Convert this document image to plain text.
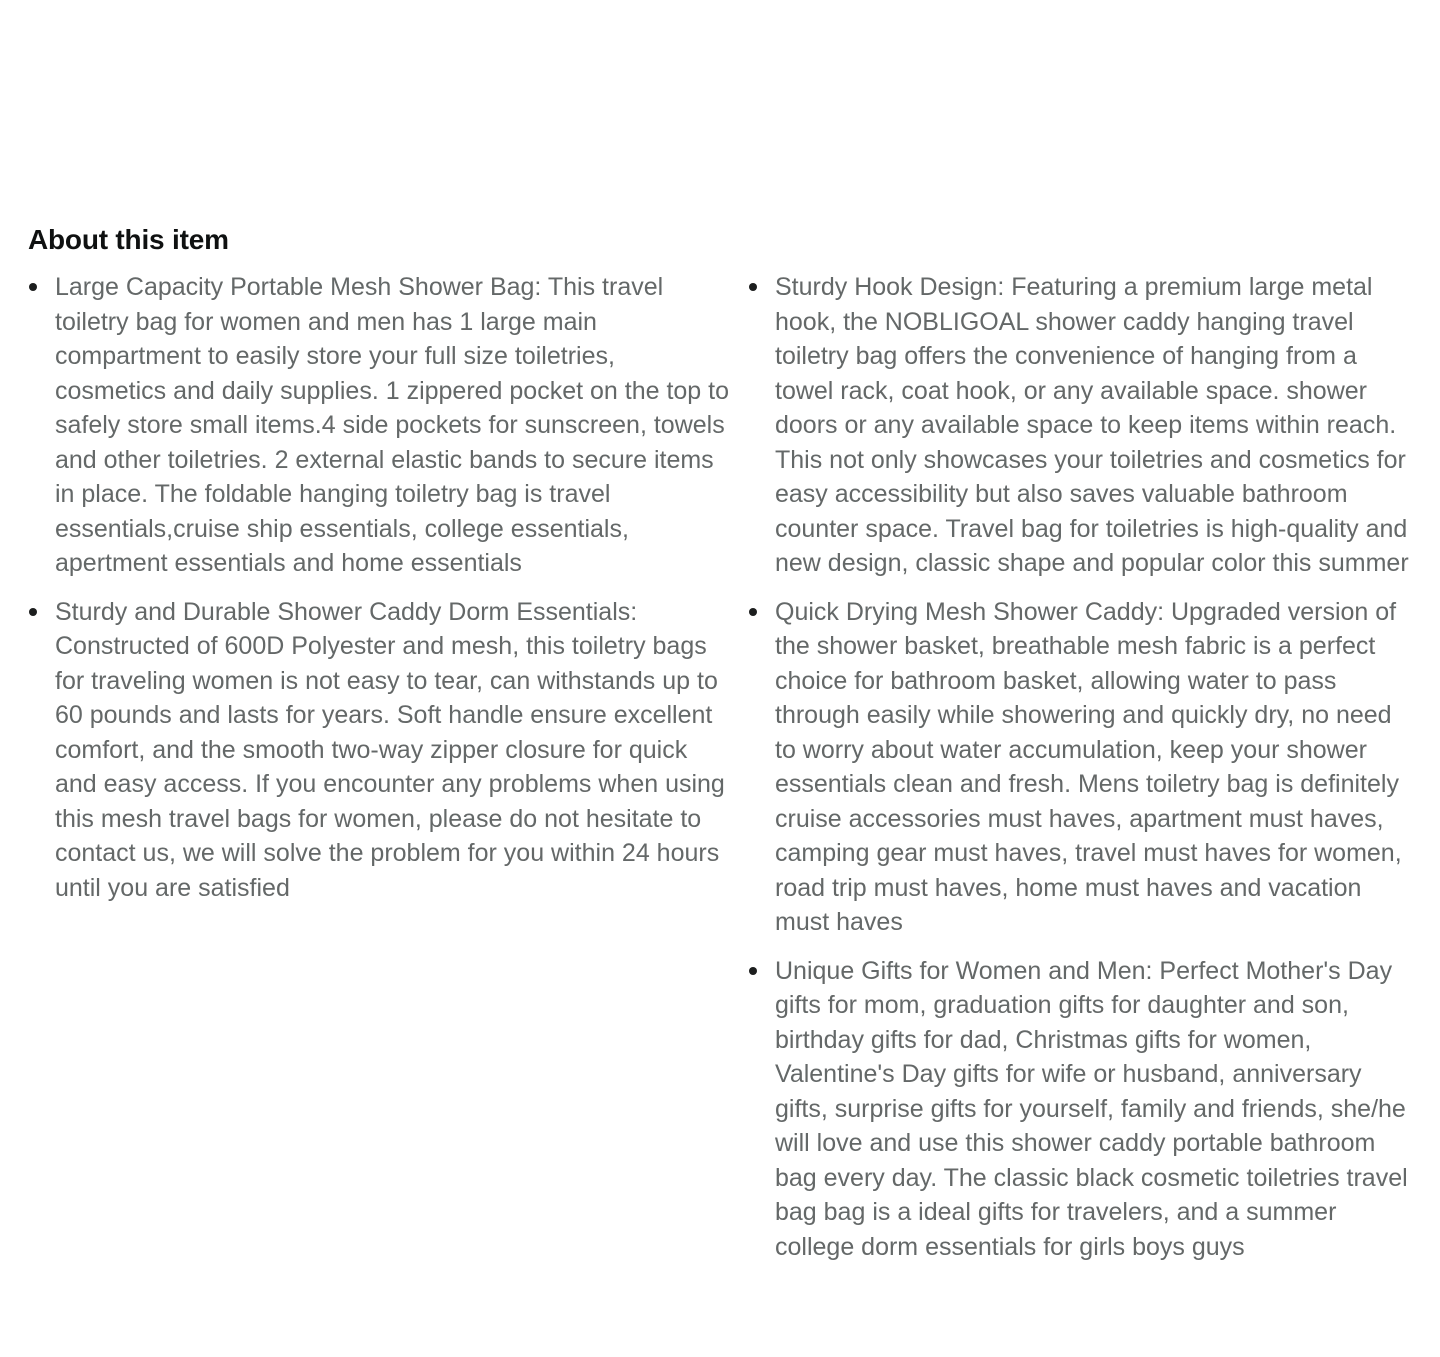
About this item
Large Capacity Portable Mesh Shower Bag: This travel toiletry bag for women and men has 1 large main compartment to easily store your full size toiletries, cosmetics and daily supplies. 1 zippered pocket on the top to safely store small items.4 side pockets for sunscreen, towels and other toiletries. 2 external elastic bands to secure items in place. The foldable hanging toiletry bag is travel essentials,cruise ship essentials, college essentials, apertment essentials and home essentials
Sturdy and Durable Shower Caddy Dorm Essentials: Constructed of 600D Polyester and mesh, this toiletry bags for traveling women is not easy to tear, can withstands up to 60 pounds and lasts for years. Soft handle ensure excellent comfort, and the smooth two-way zipper closure for quick and easy access. If you encounter any problems when using this mesh travel bags for women, please do not hesitate to contact us, we will solve the problem for you within 24 hours until you are satisfied
Sturdy Hook Design: Featuring a premium large metal hook, the NOBLIGOAL shower caddy hanging travel toiletry bag offers the convenience of hanging from a towel rack, coat hook, or any available space. shower doors or any available space to keep items within reach. This not only showcases your toiletries and cosmetics for easy accessibility but also saves valuable bathroom counter space. Travel bag for toiletries is high-quality and new design, classic shape and popular color this summer
Quick Drying Mesh Shower Caddy: Upgraded version of the shower basket, breathable mesh fabric is a perfect choice for bathroom basket, allowing water to pass through easily while showering and quickly dry, no need to worry about water accumulation, keep your shower essentials clean and fresh. Mens toiletry bag is definitely cruise accessories must haves, apartment must haves, camping gear must haves, travel must haves for women, road trip must haves, home must haves and vacation must haves
Unique Gifts for Women and Men: Perfect Mother's Day gifts for mom, graduation gifts for daughter and son, birthday gifts for dad, Christmas gifts for women, Valentine's Day gifts for wife or husband, anniversary gifts, surprise gifts for yourself, family and friends, she/he will love and use this shower caddy portable bathroom bag every day. The classic black cosmetic toiletries travel bag bag is a ideal gifts for travelers, and a summer college dorm essentials for girls boys guys
